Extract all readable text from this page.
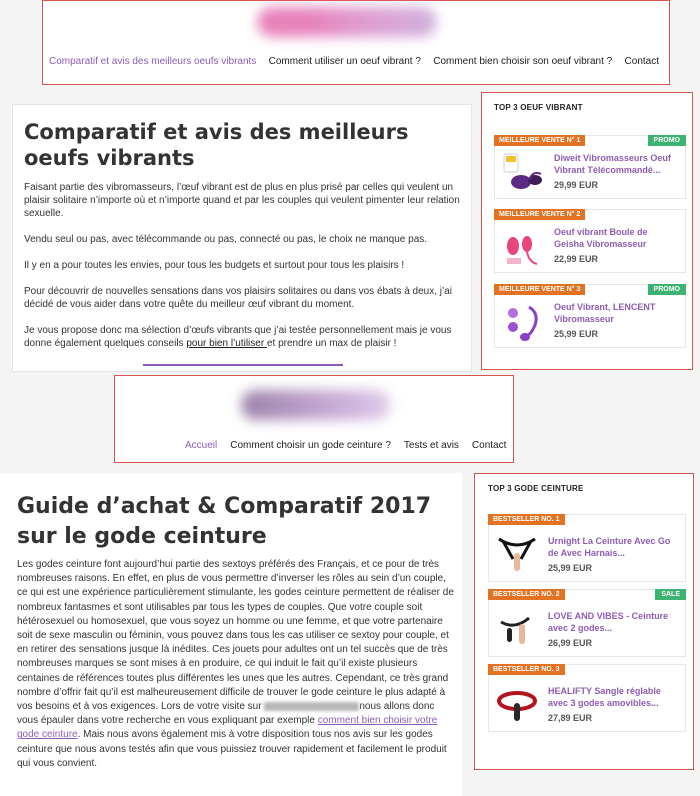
Comparatif et avis des meilleurs oeufs vibrants Comment utiliser un oeuf vibrant ? Comment bien choisir son oeuf vibrant ? Contact
Comparatif et avis des meilleurs oeufs vibrants

Faisant partie des vibromasseurs, l’œuf vibrant est de plus en plus prisé par celles qui veulent un plaisir solitaire n’importe où et n’importe quand et par les couples qui veulent pimenter leur relation sexuelle.

Vendu seul ou pas, avec télécommande ou pas, connecté ou pas, le choix ne manque pas.

Il y en a pour toutes les envies, pour tous les budgets et surtout pour tous les plaisirs !

Pour découvrir de nouvelles sensations dans vos plaisirs solitaires ou dans vos ébats à deux, j’ai décidé de vous aider dans votre quête du meilleur œuf vibrant du moment.

Je vous propose donc ma sélection d’œufs vibrants que j’ai testée personnellement mais je vous donne également quelques conseils pour bien l’utiliser et prendre un max de plaisir !

TOP 3 OEUF VIBRANT
MEILLEURE VENTE N° 1	PROMO
Diweit Vibromasseurs Oeuf Vibrant Télécommandé...
29,99 EUR
MEILLEURE VENTE N° 2
Oeuf vibrant Boule de Geisha Vibromasseur
22,99 EUR
MEILLEURE VENTE N° 3	PROMO
Oeuf Vibrant, LENCENT Vibromasseur
25,99 EUR
Accueil Comment choisir un gode ceinture ? Tests et avis Contact
Guide d’achat & Comparatif 2017 sur le gode ceinture
Les godes ceinture font aujourd’hui partie des sextoys préférés des Français, et ce pour de très nombreuses raisons. En effet, en plus de vous permettre d’inverser les rôles au sein d’un couple, ce qui est une expérience particulièrement stimulante, les godes ceinture permettent de réaliser de nombreux fantasmes et sont utilisables par tous les types de couples. Que votre couple soit hétérosexuel ou homosexuel, que vous soyez un homme ou une femme, et que votre partenaire soit de sexe masculin ou féminin, vous pouvez dans tous les cas utiliser ce sextoy pour couple, et en retirer des sensations jusque là inédites. Ces jouets pour adultes ont un tel succès que de très nombreuses marques se sont mises à en produire, ce qui induit le fait qu’il existe plusieurs centaines de références toutes plus différentes les unes que les autres. Cependant, ce très grand nombre d’offrir fait qu’il est malheureusement difficile de trouver le gode ceinture le plus adapté à vos besoins et à vos exigences. Lors de votre visite sur	nous allons donc vous épauler dans votre recherche en vous expliquant par exemple comment bien choisir votre gode ceinture. Mais nous avons également mis à votre disposition tous nos avis sur les godes ceinture que nous avons testés afin que vous puissiez trouver rapidement et facilement le produit qui vous convient.
TOP 3 GODE CEINTURE
BESTSELLER NO. 1
Urnight La Ceinture Avec Go de Avec Harnais...
25,99 EUR
BESTSELLER NO. 2	SALE
LOVE AND VIBES - Ceinture avec 2 godes...
26,99 EUR
BESTSELLER NO. 3
HEALIFTY Sangle réglable avec 3 godes amovibles...
27,89 EUR
